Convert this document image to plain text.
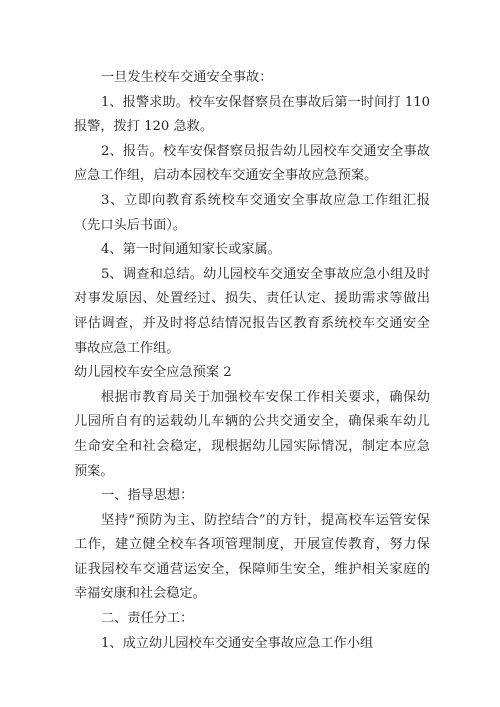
一旦发生校车交通安全事故：

1、报警求助。校车安保督察员在事故后第一时间打 110 报警，拨打 120 急救。

2、报告。校车安保督察员报告幼儿园校车交通安全事故应急工作组，启动本园校车交通安全事故应急预案。

3、立即向教育系统校车交通安全事故应急工作组汇报（先口头后书面）。

4、第一时间通知家长或家属。

5、调查和总结。幼儿园校车交通安全事故应急小组及时对事发原因、处置经过、损失、责任认定、援助需求等做出评估调查，并及时将总结情况报告区教育系统校车交通安全事故应急工作组。

幼儿园校车安全应急预案 2

根据市教育局关于加强校车安保工作相关要求，确保幼儿园所自有的运载幼儿车辆的公共交通安全，确保乘车幼儿生命安全和社会稳定，现根据幼儿园实际情况，制定本应急预案。

一、指导思想：

坚持“预防为主、防控结合”的方针，提高校车运管安保工作，建立健全校车各项管理制度，开展宣传教育，努力保证我园校车交通营运安全，保障师生安全，维护相关家庭的幸福安康和社会稳定。

二、责任分工：

1、成立幼儿园校车交通安全事故应急工作小组
